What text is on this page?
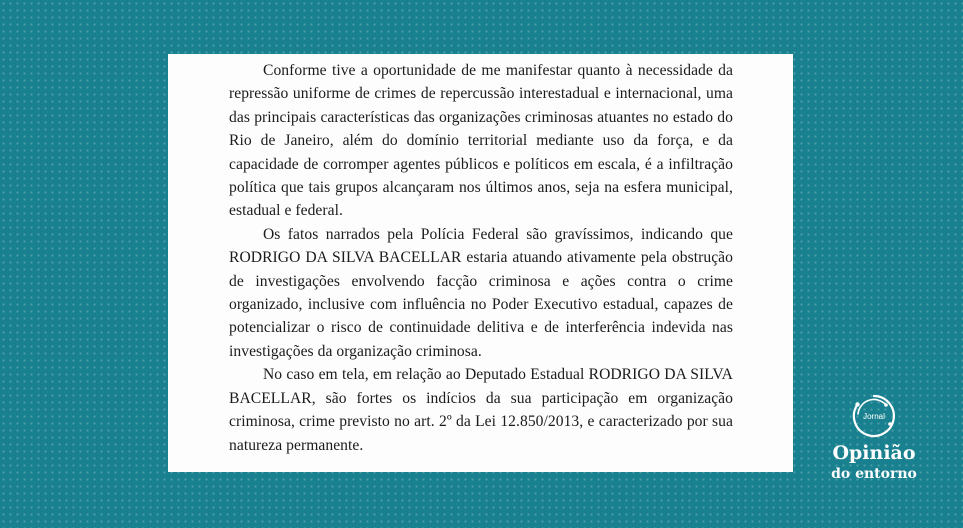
Conforme tive a oportunidade de me manifestar quanto à necessidade da repressão uniforme de crimes de repercussão interestadual e internacional, uma das principais características das organizações criminosas atuantes no estado do Rio de Janeiro, além do domínio territorial mediante uso da força, e da capacidade de corromper agentes públicos e políticos em escala, é a infiltração política que tais grupos alcançaram nos últimos anos, seja na esfera municipal, estadual e federal.

Os fatos narrados pela Polícia Federal são gravíssimos, indicando que RODRIGO DA SILVA BACELLAR estaria atuando ativamente pela obstrução de investigações envolvendo facção criminosa e ações contra o crime organizado, inclusive com influência no Poder Executivo estadual, capazes de potencializar o risco de continuidade delitiva e de interferência indevida nas investigações da organização criminosa.

No caso em tela, em relação ao Deputado Estadual RODRIGO DA SILVA BACELLAR, são fortes os indícios da sua participação em organização criminosa, crime previsto no art. 2º da Lei 12.850/2013, e caracterizado por sua natureza permanente.

Jornal
Opinião
do entorno
